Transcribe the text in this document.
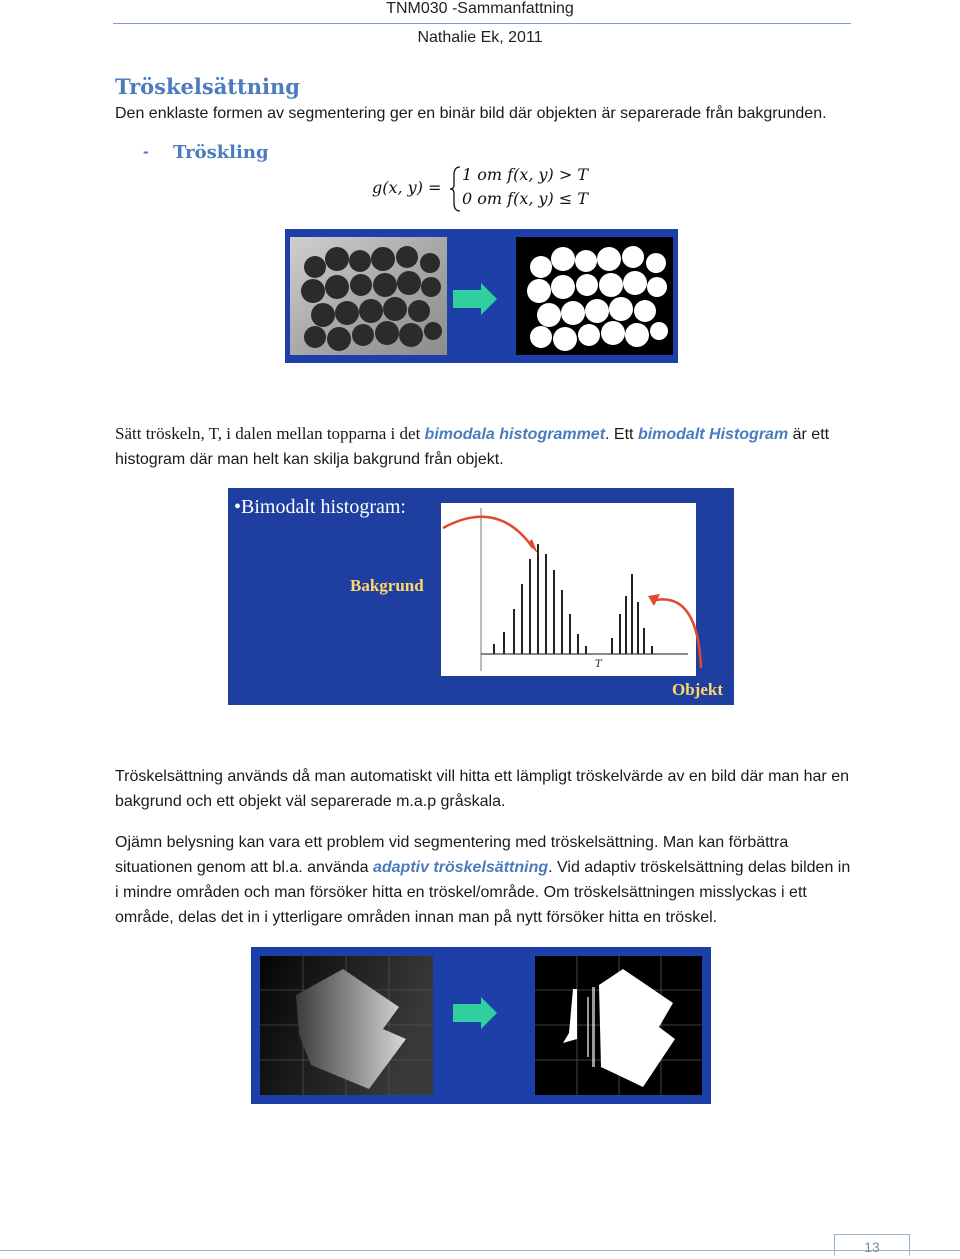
TNM030 -Sammanfattning
Nathalie Ek, 2011
Tröskelsättning

Den enklaste formen av segmentering ger en binär bild där objekten är separerade från bakgrunden.

- Tröskling
g(x, y) =
1 om f(x, y) > T
0 om f(x, y) ≤ T

Sätt tröskeln, T, i dalen mellan topparna i det bimodala histogrammet. Ett bimodalt Histogram är ett histogram där man helt kan skilja bakgrund från objekt.

•Bimodalt histogram:
T
Bakgrund
Objekt

Tröskelsättning används då man automatiskt vill hitta ett lämpligt tröskelvärde av en bild där man har en bakgrund och ett objekt väl separerade m.a.p gråskala.

Ojämn belysning kan vara ett problem vid segmentering med tröskelsättning. Man kan förbättra situationen genom att bl.a. använda adaptiv tröskelsättning. Vid adaptiv tröskelsättning delas bilden in i mindre områden och man försöker hitta en tröskel/område. Om tröskelsättningen misslyckas i ett område, delas det in i ytterligare områden innan man på nytt försöker hitta en tröskel.

13
